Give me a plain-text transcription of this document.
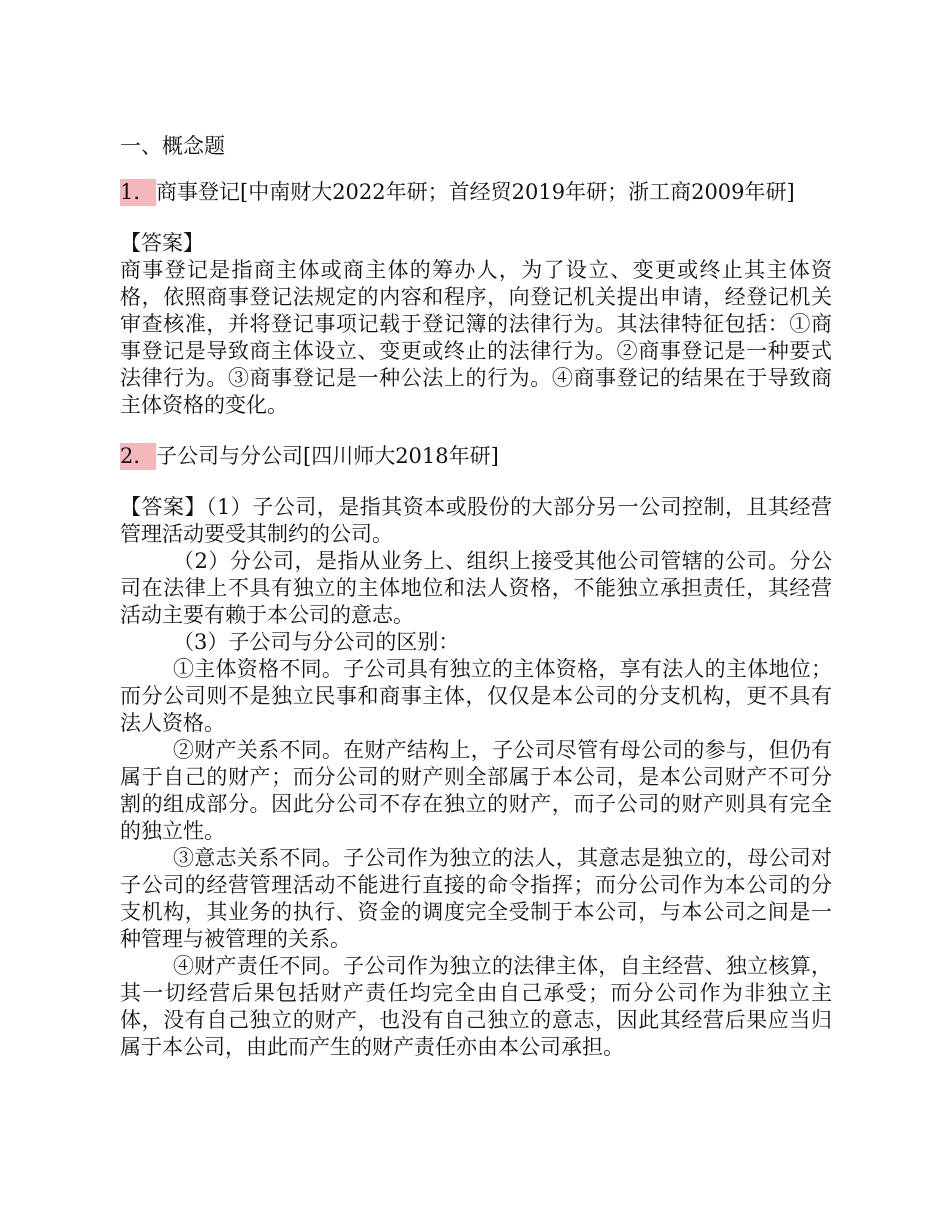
一、概念题
1．商事登记[中南财大2022年研；首经贸2019年研；浙工商2009年研]

【答案】

商事登记是指商主体或商主体的筹办人，为了设立、变更或终止其主体资格，依照商事登记法规定的内容和程序，向登记机关提出申请，经登记机关审查核准，并将登记事项记载于登记簿的法律行为。其法律特征包括：①商事登记是导致商主体设立、变更或终止的法律行为。②商事登记是一种要式法律行为。③商事登记是一种公法上的行为。④商事登记的结果在于导致商主体资格的变化。

2．子公司与分公司[四川师大2018年研]

【答案】（1）子公司，是指其资本或股份的大部分另一公司控制，且其经营管理活动要受其制约的公司。

（2）分公司，是指从业务上、组织上接受其他公司管辖的公司。分公司在法律上不具有独立的主体地位和法人资格，不能独立承担责任，其经营活动主要有赖于本公司的意志。

（3）子公司与分公司的区别：

①主体资格不同。子公司具有独立的主体资格，享有法人的主体地位；而分公司则不是独立民事和商事主体，仅仅是本公司的分支机构，更不具有法人资格。

②财产关系不同。在财产结构上，子公司尽管有母公司的参与，但仍有属于自己的财产；而分公司的财产则全部属于本公司，是本公司财产不可分割的组成部分。因此分公司不存在独立的财产，而子公司的财产则具有完全的独立性。

③意志关系不同。子公司作为独立的法人，其意志是独立的，母公司对子公司的经营管理活动不能进行直接的命令指挥；而分公司作为本公司的分支机构，其业务的执行、资金的调度完全受制于本公司，与本公司之间是一种管理与被管理的关系。

④财产责任不同。子公司作为独立的法律主体，自主经营、独立核算，其一切经营后果包括财产责任均完全由自己承受；而分公司作为非独立主体，没有自己独立的财产，也没有自己独立的意志，因此其经营后果应当归属于本公司，由此而产生的财产责任亦由本公司承担。
